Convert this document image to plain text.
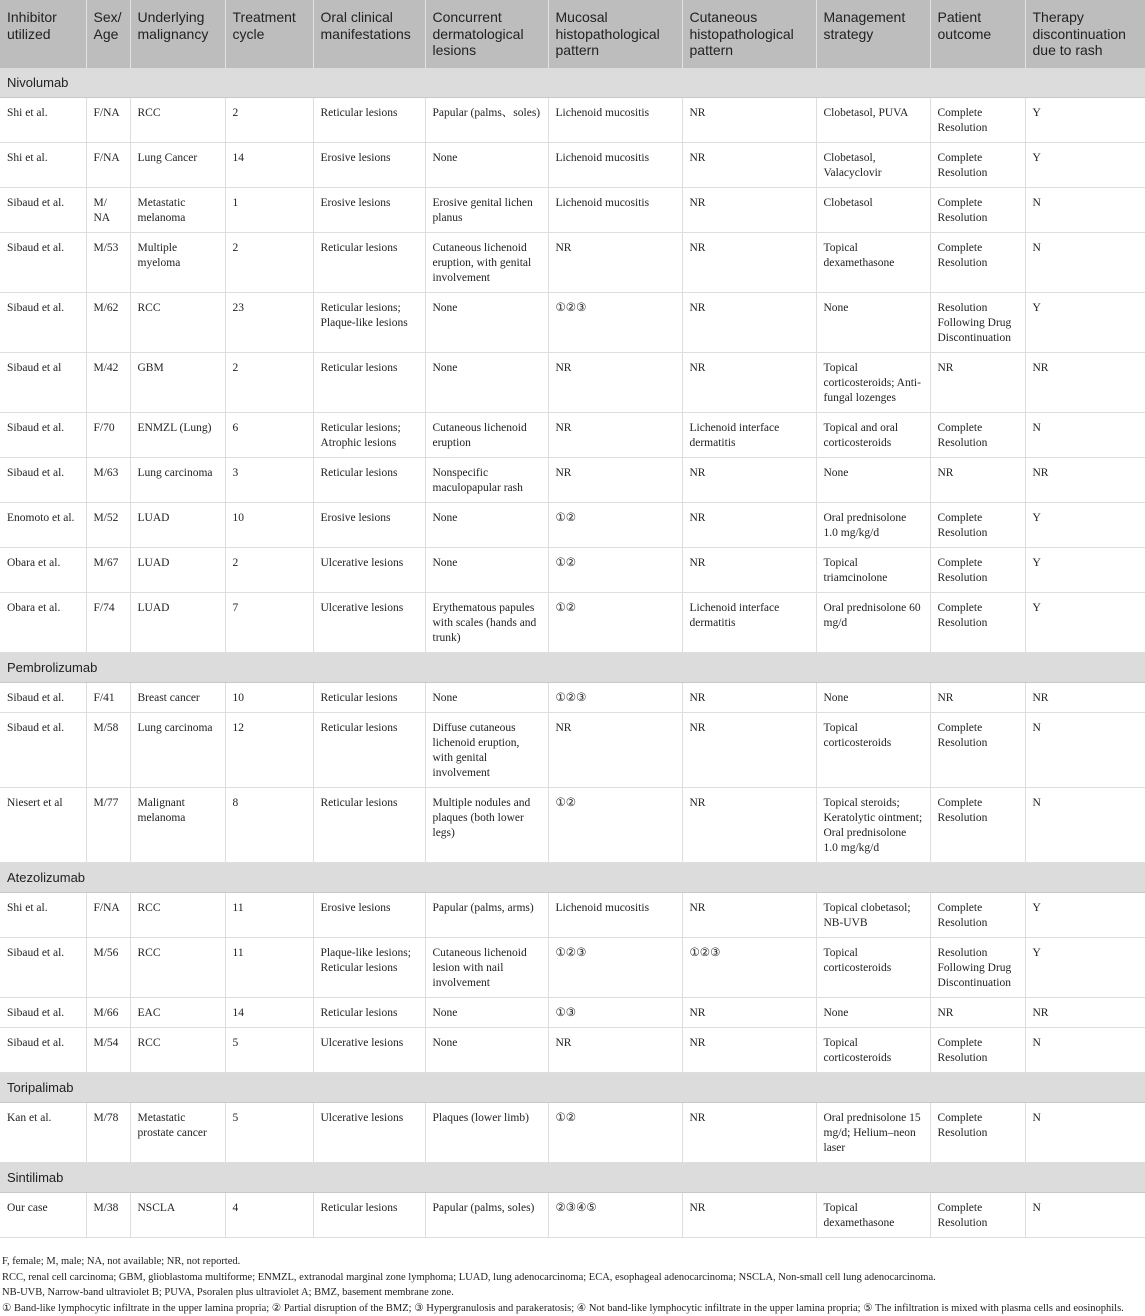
Inhibitor utilized	Sex/ Age	Underlying malignancy	Treatment cycle	Oral clinical manifestations	Concurrent dermatological lesions	Mucosal histopathological pattern	Cutaneous histopathological pattern	Management strategy	Patient outcome	Therapy discontinuation due to rash
Nivolumab										
Shi et al.	F/NA	RCC	2	Reticular lesions	Papular (palms、soles)	Lichenoid mucositis	NR	Clobetasol, PUVA	Complete Resolution	Y
Shi et al.	F/NA	Lung Cancer	14	Erosive lesions	None	Lichenoid mucositis	NR	Clobetasol, Valacyclovir	Complete Resolution	Y
Sibaud et al.	M/ NA	Metastatic melanoma	1	Erosive lesions	Erosive genital lichen planus	Lichenoid mucositis	NR	Clobetasol	Complete Resolution	N
Sibaud et al.	M/53	Multiple myeloma	2	Reticular lesions	Cutaneous lichenoid eruption, with genital involvement	NR	NR	Topical dexamethasone	Complete Resolution	N
Sibaud et al.	M/62	RCC	23	Reticular lesions; Plaque-like lesions	None	①②③	NR	None	Resolution Following Drug Discontinuation	Y
Sibaud et al	M/42	GBM	2	Reticular lesions	None	NR	NR	Topical corticosteroids; Anti-fungal lozenges	NR	NR
Sibaud et al.	F/70	ENMZL (Lung)	6	Reticular lesions; Atrophic lesions	Cutaneous lichenoid eruption	NR	Lichenoid interface dermatitis	Topical and oral corticosteroids	Complete Resolution	N
Sibaud et al.	M/63	Lung carcinoma	3	Reticular lesions	Nonspecific maculopapular rash	NR	NR	None	NR	NR
Enomoto et al.	M/52	LUAD	10	Erosive lesions	None	①②	NR	Oral prednisolone 1.0 mg/kg/d	Complete Resolution	Y
Obara et al.	M/67	LUAD	2	Ulcerative lesions	None	①②	NR	Topical triamcinolone	Complete Resolution	Y
Obara et al.	F/74	LUAD	7	Ulcerative lesions	Erythematous papules with scales (hands and trunk)	①②	Lichenoid interface dermatitis	Oral prednisolone 60 mg/d	Complete Resolution	Y
Pembrolizumab										
Sibaud et al.	F/41	Breast cancer	10	Reticular lesions	None	①②③	NR	None	NR	NR
Sibaud et al.	M/58	Lung carcinoma	12	Reticular lesions	Diffuse cutaneous lichenoid eruption, with genital involvement	NR	NR	Topical corticosteroids	Complete Resolution	N
Niesert et al	M/77	Malignant melanoma	8	Reticular lesions	Multiple nodules and plaques (both lower legs)	①②	NR	Topical steroids; Keratolytic ointment; Oral prednisolone 1.0 mg/kg/d	Complete Resolution	N
Atezolizumab										
Shi et al.	F/NA	RCC	11	Erosive lesions	Papular (palms, arms)	Lichenoid mucositis	NR	Topical clobetasol; NB-UVB	Complete Resolution	Y
Sibaud et al.	M/56	RCC	11	Plaque-like lesions; Reticular lesions	Cutaneous lichenoid lesion with nail involvement	①②③	①②③	Topical corticosteroids	Resolution Following Drug Discontinuation	Y
Sibaud et al.	M/66	EAC	14	Reticular lesions	None	①③	NR	None	NR	NR
Sibaud et al.	M/54	RCC	5	Ulcerative lesions	None	NR	NR	Topical corticosteroids	Complete Resolution	N
Toripalimab										
Kan et al.	M/78	Metastatic prostate cancer	5	Ulcerative lesions	Plaques (lower limb)	①②	NR	Oral prednisolone 15 mg/d; Helium–neon laser	Complete Resolution	N
Sintilimab										
Our case	M/38	NSCLA	4	Reticular lesions	Papular (palms, soles)	②③④⑤	NR	Topical dexamethasone	Complete Resolution	N
F, female; M, male; NA, not available; NR, not reported.
RCC, renal cell carcinoma; GBM, glioblastoma multiforme; ENMZL, extranodal marginal zone lymphoma; LUAD, lung adenocarcinoma; ECA, esophageal adenocarcinoma; NSCLA, Non-small cell lung adenocarcinoma.
NB-UVB, Narrow-band ultraviolet B; PUVA, Psoralen plus ultraviolet A; BMZ, basement membrane zone.
① Band-like lymphocytic infiltrate in the upper lamina propria; ② Partial disruption of the BMZ; ③ Hypergranulosis and parakeratosis; ④ Not band-like lymphocytic infiltrate in the upper lamina propria; ⑤ The infiltration is mixed with plasma cells and eosinophils.
